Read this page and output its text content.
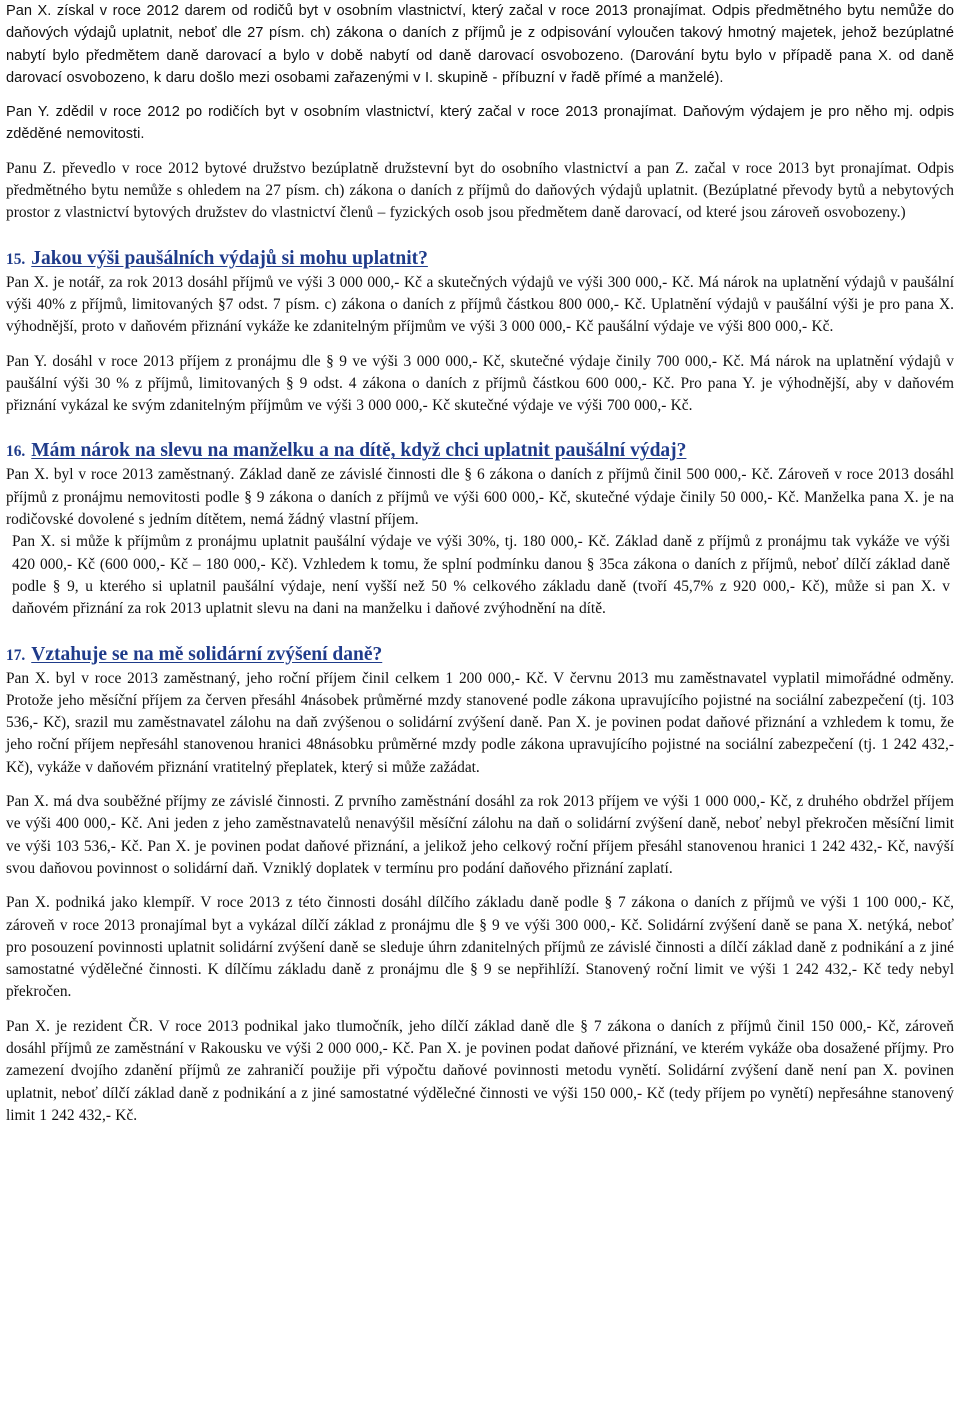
Pan X. získal v roce 2012 darem od rodičů byt v osobním vlastnictví, který začal v roce 2013 pronajímat. Odpis předmětného bytu nemůže do daňových výdajů uplatnit, neboť dle 27 písm. ch) zákona o daních z příjmů je z odpisování vyloučen takový hmotný majetek, jehož bezúplatné nabytí bylo předmětem daně darovací a bylo v době nabytí od daně darovací osvobozeno. (Darování bytu bylo v případě pana X. od daně darovací osvobozeno, k daru došlo mezi osobami zařazenými v I. skupině - příbuzní v řadě přímé a manželé).

Pan Y. zdědil v roce 2012 po rodičích byt v osobním vlastnictví, který začal v roce 2013 pronajímat. Daňovým výdajem je pro něho mj. odpis zděděné nemovitosti.

Panu Z. převedlo v roce 2012 bytové družstvo bezúplatně družstevní byt do osobního vlastnictví a pan Z. začal v roce 2013 byt pronajímat. Odpis předmětného bytu nemůže s ohledem na 27 písm. ch) zákona o daních z příjmů do daňových výdajů uplatnit. (Bezúplatné převody bytů a nebytových prostor z vlastnictví bytových družstev do vlastnictví členů – fyzických osob jsou předmětem daně darovací, od které jsou zároveň osvobozeny.)

15. Jakou výši paušálních výdajů si mohu uplatnit?

Pan X. je notář, za rok 2013 dosáhl příjmů ve výši 3 000 000,- Kč a skutečných výdajů ve výši 300 000,- Kč. Má nárok na uplatnění výdajů v paušální výši 40% z příjmů, limitovaných §7 odst. 7 písm. c) zákona o daních z příjmů částkou 800 000,- Kč. Uplatnění výdajů v paušální výši je pro pana X. výhodnější, proto v daňovém přiznání vykáže ke zdanitelným příjmům ve výši 3 000 000,- Kč paušální výdaje ve výši 800 000,- Kč.

Pan Y. dosáhl v roce 2013 příjem z pronájmu dle § 9 ve výši 3 000 000,- Kč, skutečné výdaje činily 700 000,- Kč. Má nárok na uplatnění výdajů v paušální výši 30 % z příjmů, limitovaných § 9 odst. 4 zákona o daních z příjmů částkou 600 000,- Kč. Pro pana Y. je výhodnější, aby v daňovém přiznání vykázal ke svým zdanitelným příjmům ve výši 3 000 000,- Kč skutečné výdaje ve výši 700 000,- Kč.

16. Mám nárok na slevu na manželku a na dítě, když chci uplatnit paušální výdaj?

Pan X. byl v roce 2013 zaměstnaný. Základ daně ze závislé činnosti dle § 6 zákona o daních z příjmů činil 500 000,- Kč. Zároveň v roce 2013 dosáhl příjmů z pronájmu nemovitosti podle § 9 zákona o daních z příjmů ve výši 600 000,- Kč, skutečné výdaje činily 50 000,- Kč. Manželka pana X. je na rodičovské dovolené s jedním dítětem, nemá žádný vlastní příjem.

Pan X. si může k příjmům z pronájmu uplatnit paušální výdaje ve výši 30%, tj. 180 000,- Kč. Základ daně z příjmů z pronájmu tak vykáže ve výši 420 000,- Kč (600 000,- Kč – 180 000,- Kč). Vzhledem k tomu, že splní podmínku danou § 35ca zákona o daních z příjmů, neboť dílčí základ daně podle § 9, u kterého si uplatnil paušální výdaje, není vyšší než 50 % celkového základu daně (tvoří 45,7% z 920 000,- Kč), může si pan X. v daňovém přiznání za rok 2013 uplatnit slevu na dani na manželku i daňové zvýhodnění na dítě.

17. Vztahuje se na mě solidární zvýšení daně?

Pan X. byl v roce 2013 zaměstnaný, jeho roční příjem činil celkem 1 200 000,- Kč. V červnu 2013 mu zaměstnavatel vyplatil mimořádné odměny. Protože jeho měsíční příjem za červen přesáhl 4násobek průměrné mzdy stanovené podle zákona upravujícího pojistné na sociální zabezpečení (tj. 103 536,- Kč), srazil mu zaměstnavatel zálohu na daň zvýšenou o solidární zvýšení daně. Pan X. je povinen podat daňové přiznání a vzhledem k tomu, že jeho roční příjem nepřesáhl stanovenou hranici 48násobku průměrné mzdy podle zákona upravujícího pojistné na sociální zabezpečení (tj. 1 242 432,- Kč), vykáže v daňovém přiznání vratitelný přeplatek, který si může zažádat.

Pan X. má dva souběžné příjmy ze závislé činnosti. Z prvního zaměstnání dosáhl za rok 2013 příjem ve výši 1 000 000,- Kč, z druhého obdržel příjem ve výši 400 000,- Kč. Ani jeden z jeho zaměstnavatelů nenavýšil měsíční zálohu na daň o solidární zvýšení daně, neboť nebyl překročen měsíční limit ve výši 103 536,- Kč. Pan X. je povinen podat daňové přiznání, a jelikož jeho celkový roční příjem přesáhl stanovenou hranici 1 242 432,- Kč, navýší svou daňovou povinnost o solidární daň. Vzniklý doplatek v termínu pro podání daňového přiznání zaplatí.

Pan X. podniká jako klempíř. V roce 2013 z této činnosti dosáhl dílčího základu daně podle § 7 zákona o daních z příjmů ve výši 1 100 000,- Kč, zároveň v roce 2013 pronajímal byt a vykázal dílčí základ z pronájmu dle § 9 ve výši 300 000,- Kč. Solidární zvýšení daně se pana X. netýká, neboť pro posouzení povinnosti uplatnit solidární zvýšení daně se sleduje úhrn zdanitelných příjmů ze závislé činnosti a dílčí základ daně z podnikání a z jiné samostatné výdělečné činnosti. K dílčímu základu daně z pronájmu dle § 9 se nepřihlíží. Stanovený roční limit ve výši 1 242 432,- Kč tedy nebyl překročen.

Pan X. je rezident ČR. V roce 2013 podnikal jako tlumočník, jeho dílčí základ daně dle § 7 zákona o daních z příjmů činil 150 000,- Kč, zároveň dosáhl příjmů ze zaměstnání v Rakousku ve výši 2 000 000,- Kč. Pan X. je povinen podat daňové přiznání, ve kterém vykáže oba dosažené příjmy. Pro zamezení dvojího zdanění příjmů ze zahraničí použije při výpočtu daňové povinnosti metodu vynětí. Solidární zvýšení daně není pan X. povinen uplatnit, neboť dílčí základ daně z podnikání a z jiné samostatné výdělečné činnosti ve výši 150 000,- Kč (tedy příjem po vynětí) nepřesáhne stanovený limit 1 242 432,- Kč.
